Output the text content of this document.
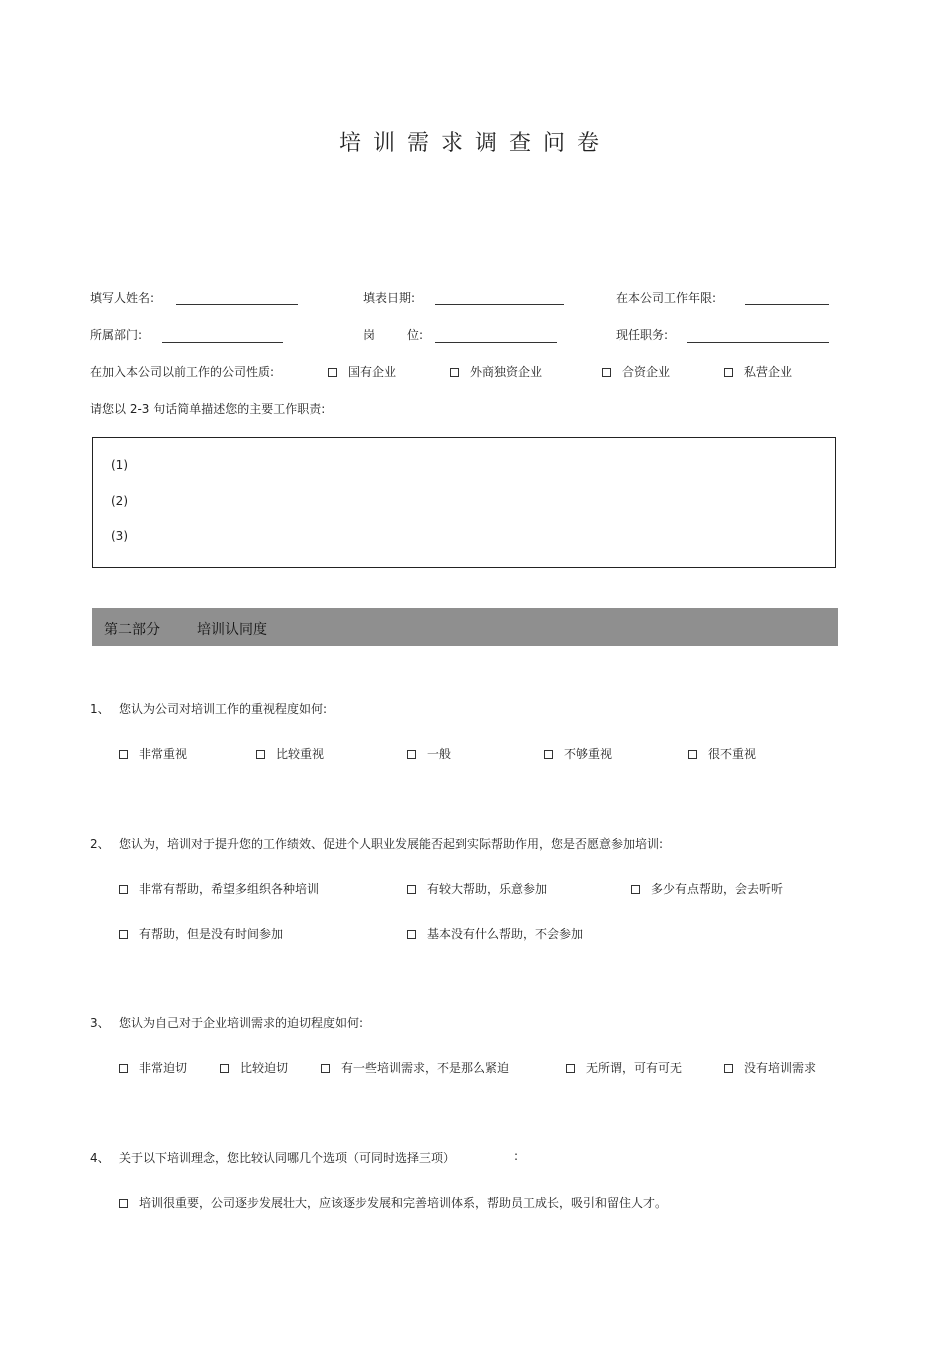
培训需求调查问卷
填写人姓名:	填表日期:	在本公司工作年限:
所属部门:	岗	位:	现任职务:
在加入本公司以前工作的公司性质:	国有企业	外商独资企业	合资企业	私营企业
请您以 2-3 句话简单描述您的主要工作职责:
(1)
(2)
(3)
第二部分	培训认同度
1、 您认为公司对培训工作的重视程度如何:
非常重视	比较重视	一般	不够重视	很不重视
2、 您认为，培训对于提升您的工作绩效、促进个人职业发展能否起到实际帮助作用，您是否愿意参加培训:
非常有帮助，希望多组织各种培训	有较大帮助，乐意参加	多少有点帮助，会去听听
有帮助，但是没有时间参加	基本没有什么帮助，不会参加
3、 您认为自己对于企业培训需求的迫切程度如何:
非常迫切	比较迫切	有一些培训需求，不是那么紧迫	无所谓，可有可无	没有培训需求
4、 关于以下培训理念，您比较认同哪几个选项（可同时选择三项）	:
培训很重要，公司逐步发展壮大，应该逐步发展和完善培训体系，帮助员工成长，吸引和留住人才。
